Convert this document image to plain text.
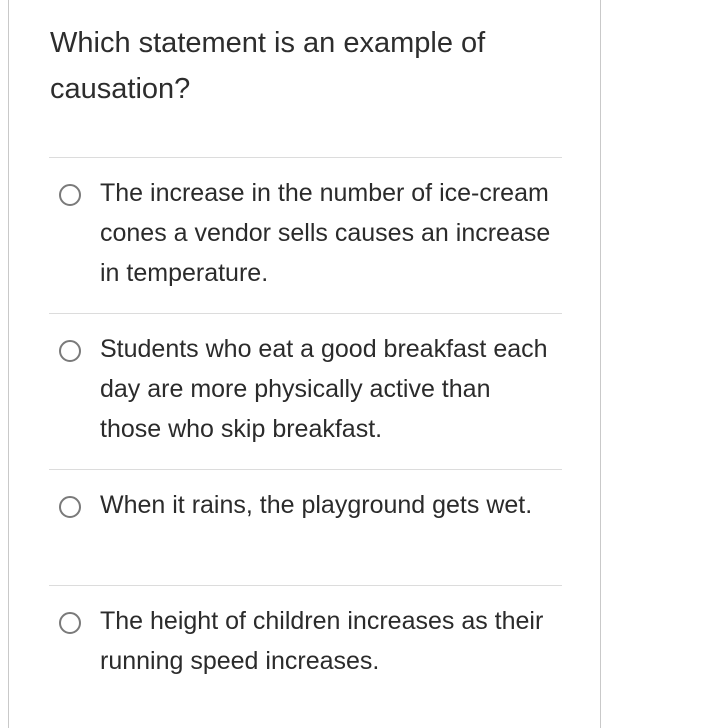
Which statement is an example of causation?
The increase in the number of ice-cream cones a vendor sells causes an increase in temperature.
Students who eat a good breakfast each day are more physically active than those who skip breakfast.
When it rains, the playground gets wet.
The height of children increases as their running speed increases.
